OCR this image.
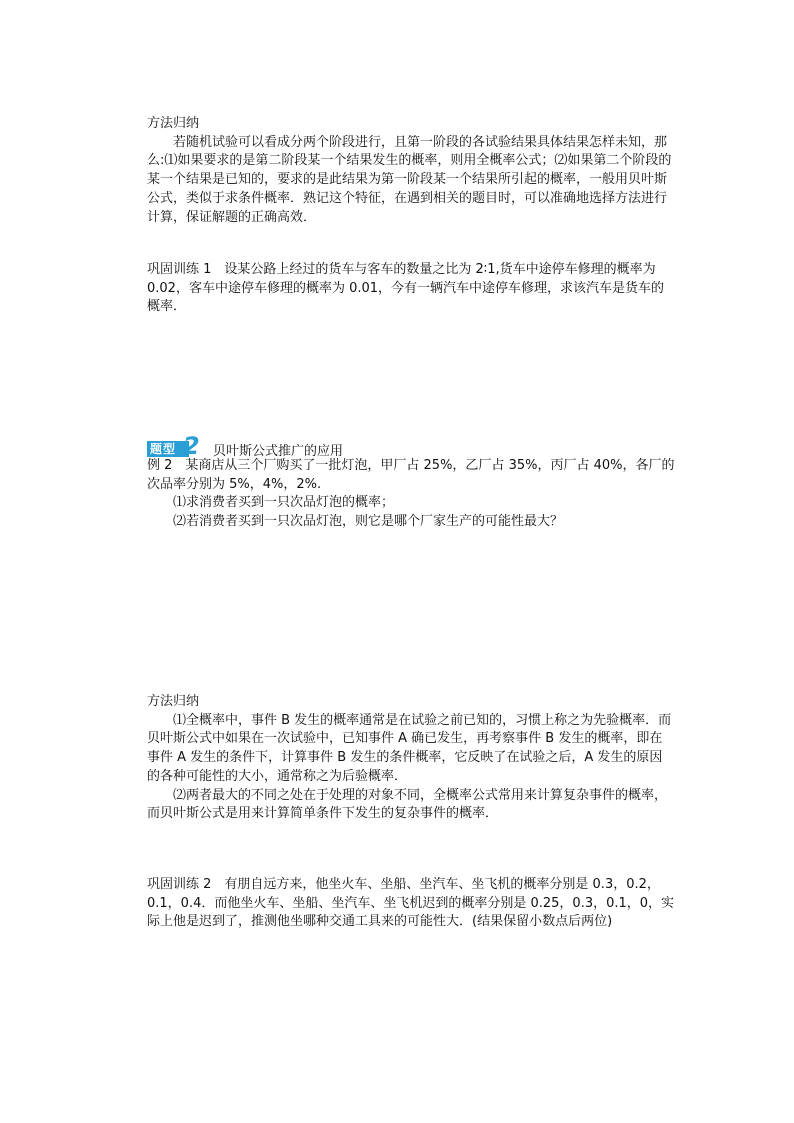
方法归纳

若随机试验可以看成分两个阶段进行，且第一阶段的各试验结果具体结果怎样未知，那么:⑴如果要求的是第二阶段某一个结果发生的概率，则用全概率公式；⑵如果第二个阶段的某一个结果是已知的，要求的是此结果为第一阶段某一个结果所引起的概率，一般用贝叶斯公式，类似于求条件概率．熟记这个特征，在遇到相关的题目时，可以准确地选择方法进行计算，保证解题的正确高效．

巩固训练 1　设某公路上经过的货车与客车的数量之比为 2∶1,货车中途停车修理的概率为 0.02，客车中途停车修理的概率为 0.01，今有一辆汽车中途停车修理，求该汽车是货车的概率．

题型 2 贝叶斯公式推广的应用

例 2　某商店从三个厂购买了一批灯泡，甲厂占 25%，乙厂占 35%，丙厂占 40%，各厂的次品率分别为 5%，4%，2%.

⑴求消费者买到一只次品灯泡的概率；

⑵若消费者买到一只次品灯泡，则它是哪个厂家生产的可能性最大？

方法归纳

⑴全概率中，事件 B 发生的概率通常是在试验之前已知的，习惯上称之为先验概率．而贝叶斯公式中如果在一次试验中，已知事件 A 确已发生，再考察事件 B 发生的概率，即在事件 A 发生的条件下，计算事件 B 发生的条件概率，它反映了在试验之后，A 发生的原因的各种可能性的大小，通常称之为后验概率．

⑵两者最大的不同之处在于处理的对象不同，全概率公式常用来计算复杂事件的概率，而贝叶斯公式是用来计算简单条件下发生的复杂事件的概率．

巩固训练 2　有朋自远方来，他坐火车、坐船、坐汽车、坐飞机的概率分别是 0.3，0.2，0.1，0.4．而他坐火车、坐船、坐汽车、坐飞机迟到的概率分别是 0.25，0.3，0.1，0，实际上他是迟到了，推测他坐哪种交通工具来的可能性大．(结果保留小数点后两位)
